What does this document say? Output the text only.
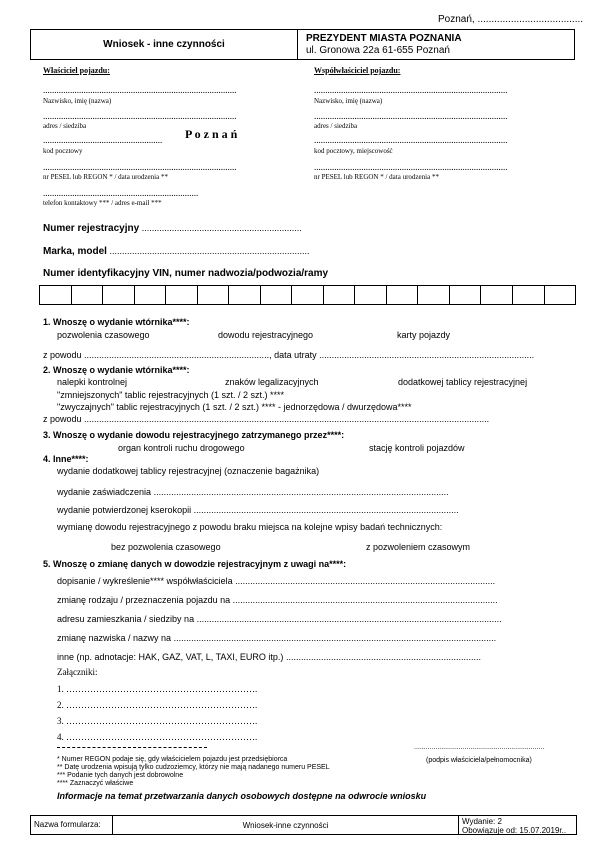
Poznań, ......................................
Wniosek - inne czynności
PREZYDENT MIASTA POZNANIA
ul. Gronowa 22a 61-655 Poznań
Właściciel pojazdu:
......................................................................................
Nazwisko, imię (nazwa)
......................................................................................
adres / siedziba
..................................................... P o z n a ń
kod pocztowy
......................................................................................
nr PESEL lub REGON * / data urodzenia **
.....................................................................
telefon kontaktowy *** / adres e-mail ***
Współwłaściciel pojazdu:
......................................................................................
Nazwisko, imię (nazwa)
......................................................................................
adres / siedziba
......................................................................................
kod pocztowy, miejscowość
......................................................................................
nr PESEL lub REGON * / data urodzenia **
Numer rejestracyjny ................................................................
Marka, model ................................................................................
Numer identyfikacyjny VIN, numer nadwozia/podwozia/ramy
1. Wnoszę o wydanie wtórnika****:
pozwolenia czasowego	dowodu rejestracyjnego	karty pojazdy
z powodu .........................................................................., data utraty ......................................................................................
2. Wnoszę o wydanie wtórnika****:
nalepki kontrolnej	znaków legalizacyjnych	dodatkowej tablicy rejestracyjnej
"zmniejszonych" tablic rejestracyjnych (1 szt. / 2 szt.) ****
"zwyczajnych" tablic rejestracyjnych (1 szt. / 2 szt.) **** - jednorzędowa / dwurzędowa****
z powodu ..................................................................................................................................................................
3. Wnoszę o wydanie dowodu rejestracyjnego zatrzymanego przez****:
organ kontroli ruchu drogowego	stację kontroli pojazdów
4. Inne****:
wydanie dodatkowej tablicy rejestracyjnej (oznaczenie bagażnika)
wydanie zaświadczenia ......................................................................................................................
wydanie potwierdzonej kserokopii ..........................................................................................................
wymianę dowodu rejestracyjnego z powodu braku miejsca na kolejne wpisy badań technicznych:
bez pozwolenia czasowego	z pozwoleniem czasowym
5. Wnoszę o zmianę danych w dowodzie rejestracyjnym z uwagi na****:
dopisanie / wykreślenie**** współwłaściciela ........................................................................................................
zmianę rodzaju / przeznaczenia pojazdu na ..........................................................................................................
adresu zamieszkania / siedziby na ..........................................................................................................................
zmianę nazwiska / nazwy na .................................................................................................................................
inne (np. adnotacje: HAK, GAZ, VAT, L, TAXI, EURO itp.) ..............................................................................
Załączniki:
1. ……………………………………………………….
2. ……………………………………………………….
3. ……………………………………………………….
4. ……………………………………………………….
* Numer REGON podaje się, gdy właścicielem pojazdu jest przedsiębiorca
** Datę urodzenia wpisują tylko cudzoziemcy, którzy nie mają nadanego numeru PESEL
*** Podanie tych danych jest dobrowolne
**** Zaznaczyć właściwe
...................................................................
(podpis właściciela/pełnomocnika)
Informacje na temat przetwarzania danych osobowych dostępne na odwrocie wniosku
Nazwa formularza:	Wniosek-inne czynności	Wydanie: 2
Obowiązuje od: 15.07.2019r..
